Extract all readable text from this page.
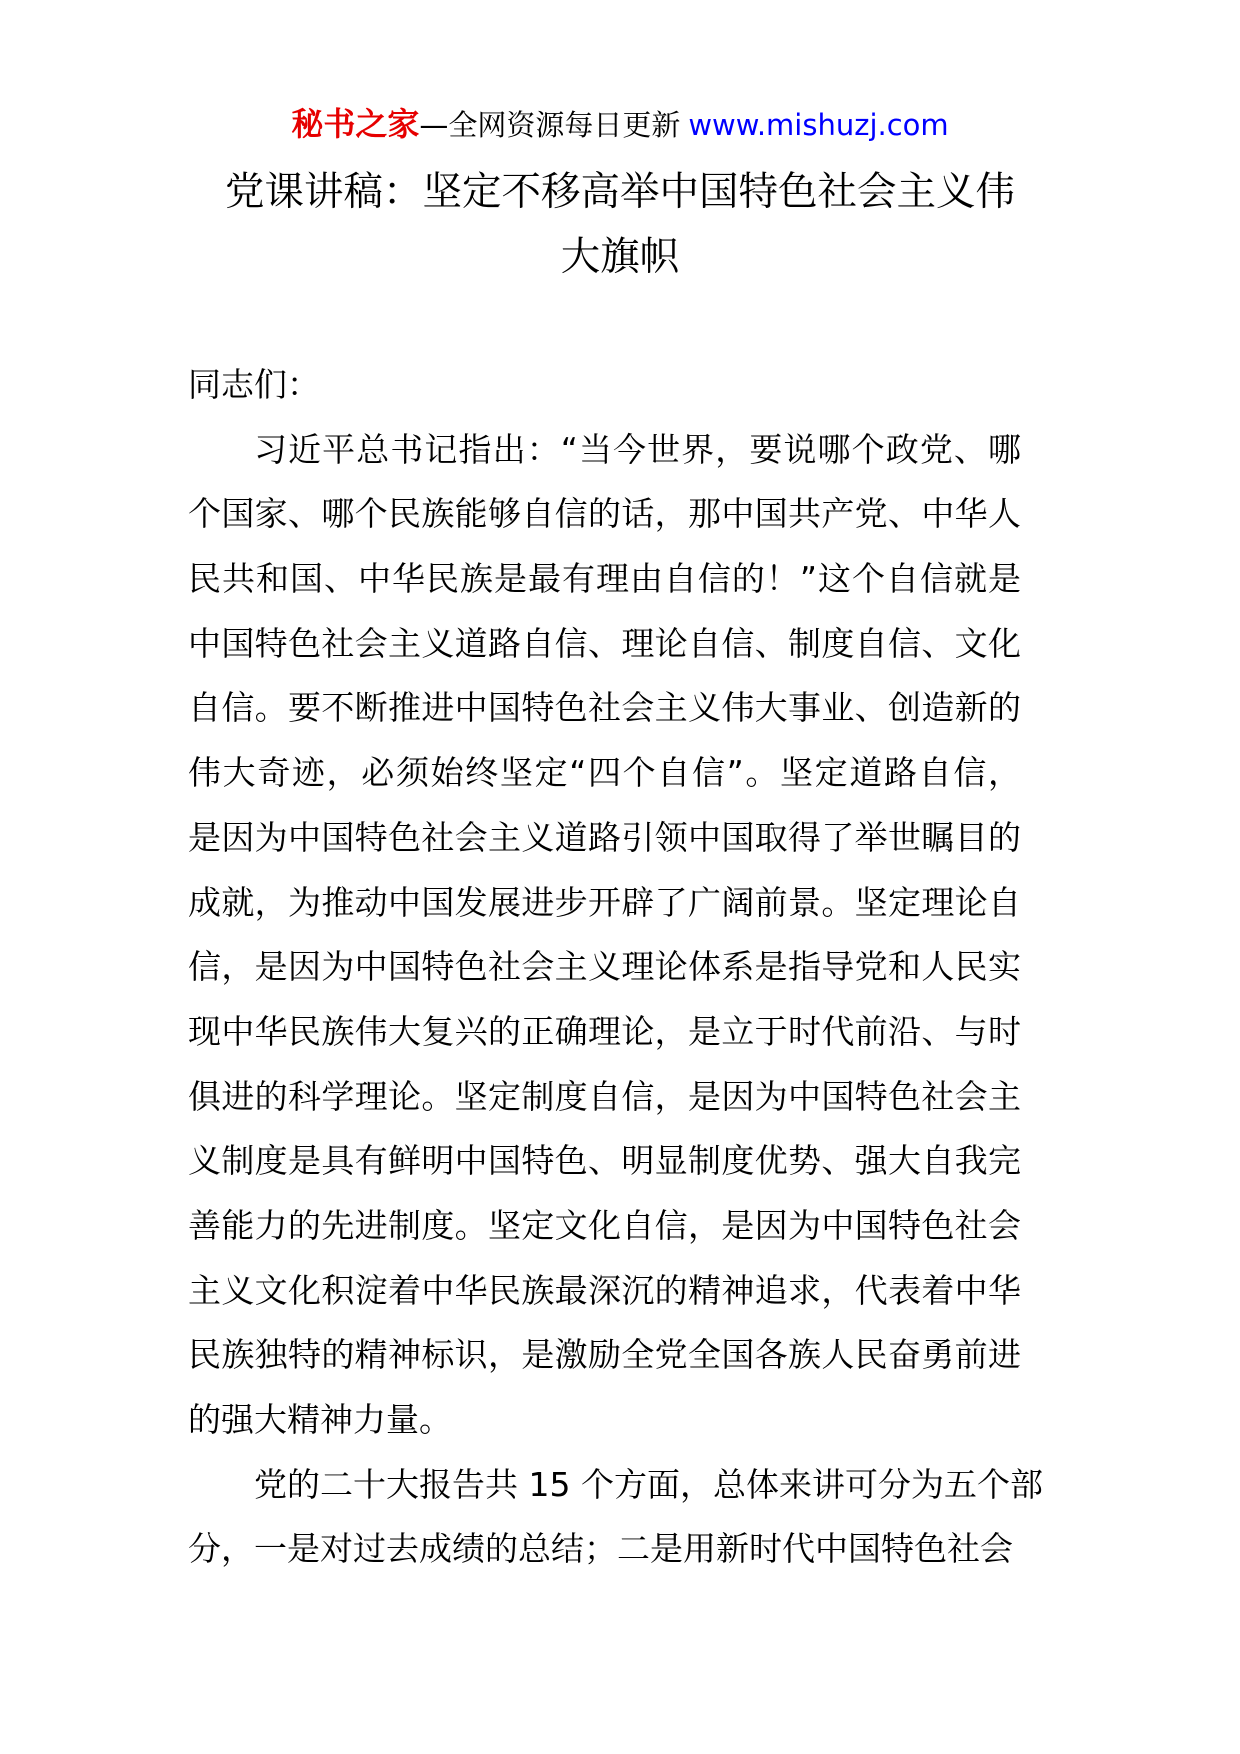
秘书之家—全网资源每日更新 www.mishuzj.com
党课讲稿：坚定不移高举中国特色社会主义伟
大旗帜
同志们：
习近平总书记指出：“当今世界，要说哪个政党、哪
个国家、哪个民族能够自信的话，那中国共产党、中华人
民共和国、中华民族是最有理由自信的！”这个自信就是
中国特色社会主义道路自信、理论自信、制度自信、文化
自信。要不断推进中国特色社会主义伟大事业、创造新的
伟大奇迹，必须始终坚定“四个自信”。坚定道路自信，
是因为中国特色社会主义道路引领中国取得了举世瞩目的
成就，为推动中国发展进步开辟了广阔前景。坚定理论自
信，是因为中国特色社会主义理论体系是指导党和人民实
现中华民族伟大复兴的正确理论，是立于时代前沿、与时
俱进的科学理论。坚定制度自信，是因为中国特色社会主
义制度是具有鲜明中国特色、明显制度优势、强大自我完
善能力的先进制度。坚定文化自信，是因为中国特色社会
主义文化积淀着中华民族最深沉的精神追求，代表着中华
民族独特的精神标识，是激励全党全国各族人民奋勇前进
的强大精神力量。
党的二十大报告共 15 个方面，总体来讲可分为五个部
分，一是对过去成绩的总结；二是用新时代中国特色社会
